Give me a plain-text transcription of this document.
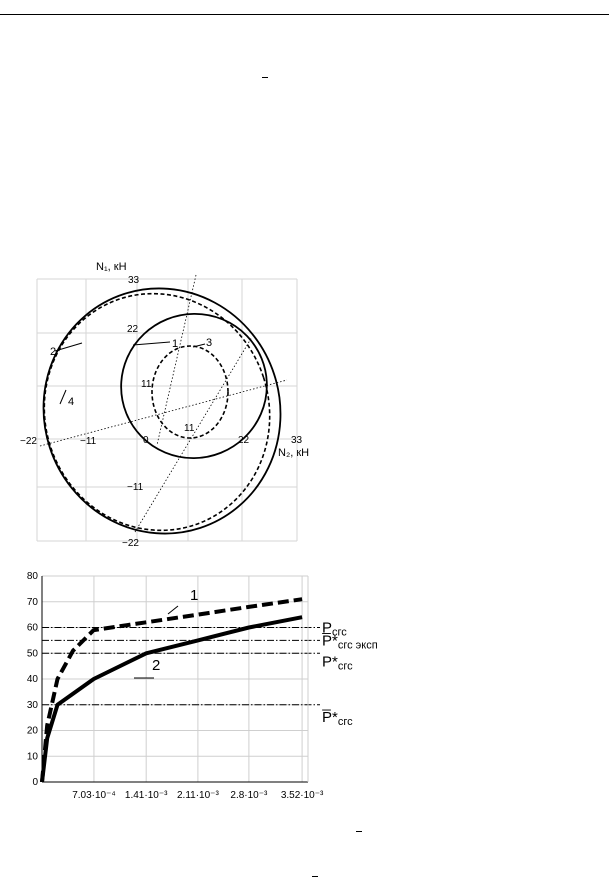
N₁, кН
N₂, кН
33
22
11
−11
−22
−22	−11	0
11
22	33
1
2
3
4
0
10
20
30
40
50
60
70
80
7.03·10⁻⁴ 1.41·10⁻³ 2.11·10⁻³ 2.8·10⁻³ 3.52·10⁻³
$P_{сгс}$
$P̅*_{сгс эксп}$
$P*_{сгс}$
$P̅*_{сгс}$
1
2
